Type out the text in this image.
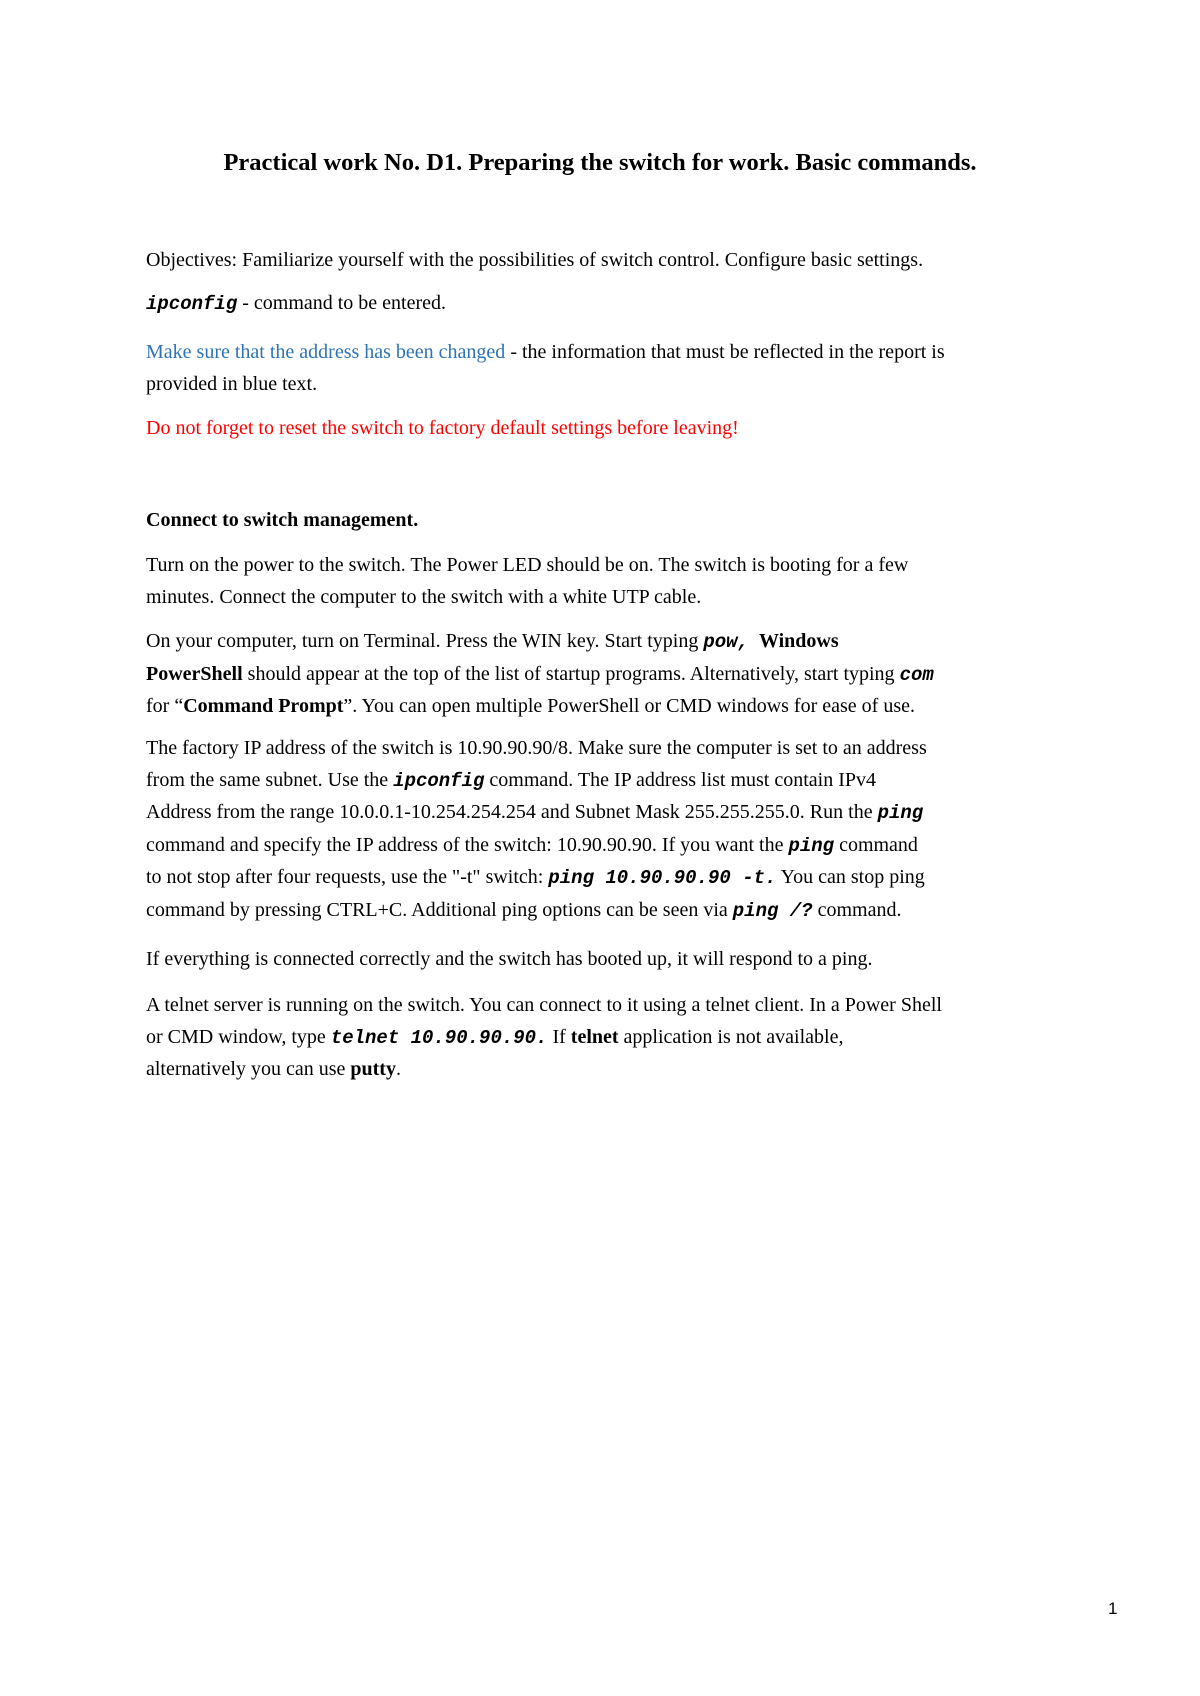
Practical work No. D1. Preparing the switch for work. Basic commands.
Objectives: Familiarize yourself with the possibilities of switch control. Configure basic settings.
ipconfig - command to be entered.
Make sure that the address has been changed - the information that must be reflected in the report is
provided in blue text.
Do not forget to reset the switch to factory default settings before leaving!
Connect to switch management.
Turn on the power to the switch. The Power LED should be on. The switch is booting for a few
minutes. Connect the computer to the switch with a white UTP cable.
On your computer, turn on Terminal. Press the WIN key. Start typing pow, Windows
PowerShell should appear at the top of the list of startup programs. Alternatively, start typing com
for “Command Prompt”. You can open multiple PowerShell or CMD windows for ease of use.
The factory IP address of the switch is 10.90.90.90/8. Make sure the computer is set to an address
from the same subnet. Use the ipconfig command. The IP address list must contain IPv4
Address from the range 10.0.0.1-10.254.254.254 and Subnet Mask 255.255.255.0. Run the ping
command and specify the IP address of the switch: 10.90.90.90. If you want the ping command
to not stop after four requests, use the "-t" switch: ping 10.90.90.90 -t. You can stop ping
command by pressing CTRL+C. Additional ping options can be seen via ping /? command.
If everything is connected correctly and the switch has booted up, it will respond to a ping.
A telnet server is running on the switch. You can connect to it using a telnet client. In a Power Shell
or CMD window, type telnet 10.90.90.90. If telnet application is not available,
alternatively you can use putty.
1
